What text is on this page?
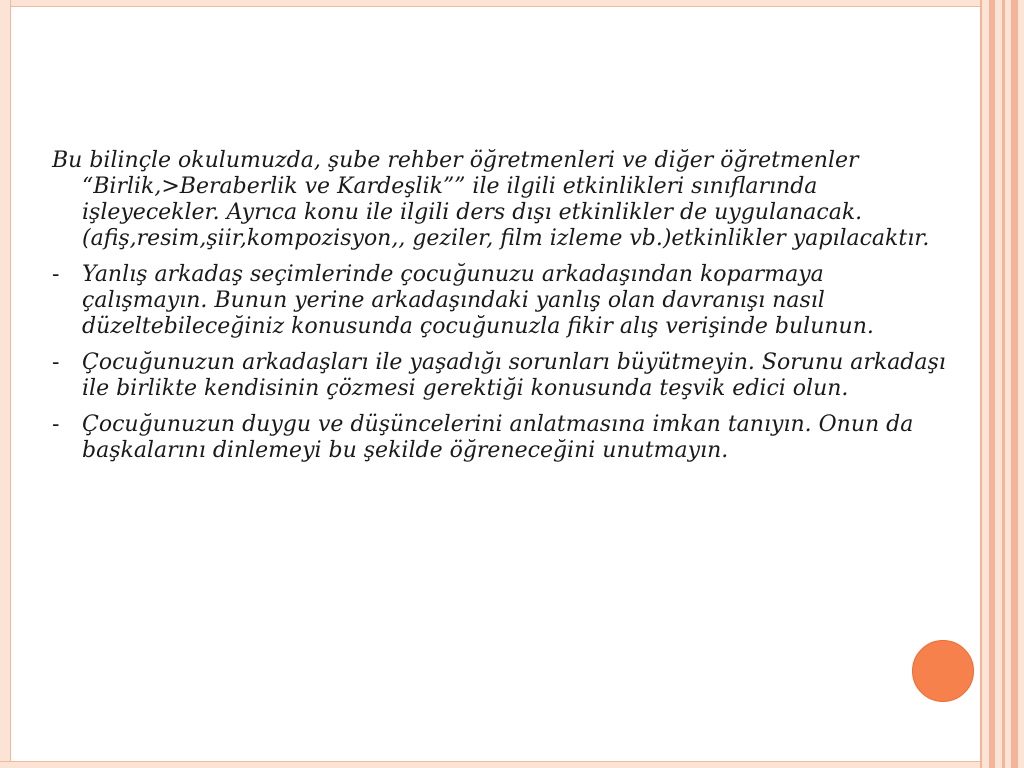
Bu bilinçle okulumuzda, şube rehber öğretmenleri ve diğer öğretmenler “Birlik,>Beraberlik ve Kardeşlik”” ile ilgili etkinlikleri sınıflarında işleyecekler. Ayrıca konu ile ilgili ders dışı etkinlikler de uygulanacak.(afiş,resim,şiir,kompozisyon,, geziler, film izleme vb.)etkinlikler yapılacaktır.

- Yanlış arkadaş seçimlerinde çocuğunuzu arkadaşından koparmaya çalışmayın. Bunun yerine arkadaşındaki yanlış olan davranışı nasıl düzeltebileceğiniz konusunda çocuğunuzla fikir alış verişinde bulunun.

- Çocuğunuzun arkadaşları ile yaşadığı sorunları büyütmeyin. Sorunu arkadaşı ile birlikte kendisinin çözmesi gerektiği konusunda teşvik edici olun.

- Çocuğunuzun duygu ve düşüncelerini anlatmasına imkan tanıyın. Onun da başkalarını dinlemeyi bu şekilde öğreneceğini unutmayın.
